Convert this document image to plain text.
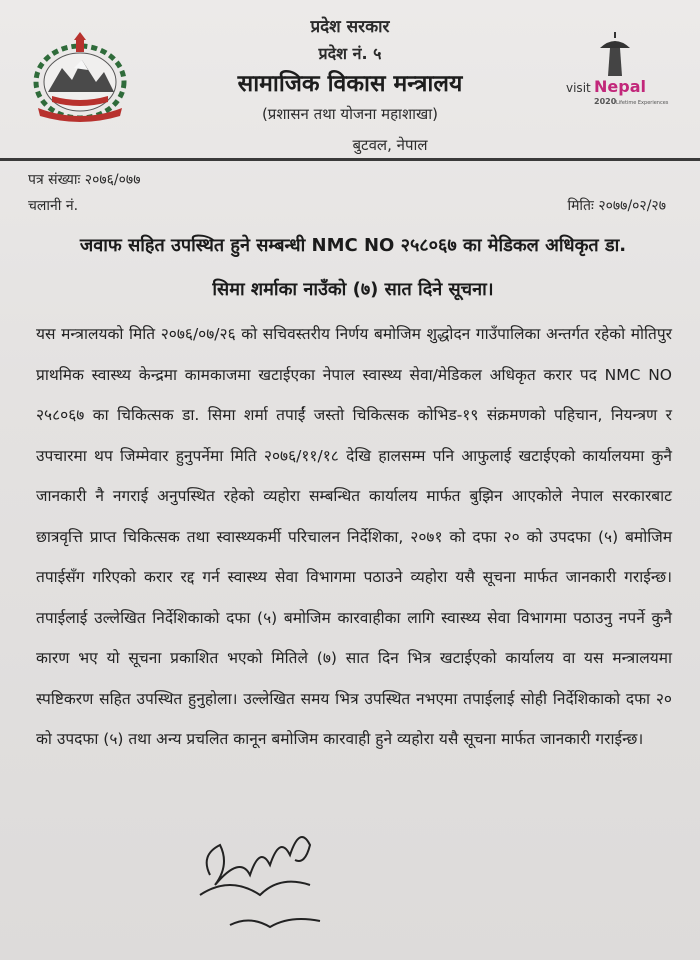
प्रदेश सरकार
प्रदेश नं. ५
सामाजिक विकास मन्त्रालय
(प्रशासन तथा योजना महाशाखा)
बुटवल, नेपाल
visit Nepal
2020 Lifetime Experiences
पत्र संख्याः २०७६/०७७
चलानी नं.	मितिः २०७७/०२/२७
जवाफ सहित उपस्थित हुने सम्बन्धी NMC NO २५८०६७ का मेडिकल अधिकृत डा.
सिमा शर्माका नाउँको (७) सात दिने सूचना।
यस मन्त्रालयको मिति २०७६/०७/२६ को सचिवस्तरीय निर्णय बमोजिम शुद्धोदन गाउँपालिका अन्तर्गत रहेको मोतिपुर प्राथमिक स्वास्थ्य केन्द्रमा कामकाजमा खटाईएका नेपाल स्वास्थ्य सेवा/मेडिकल अधिकृत करार पद NMC NO २५८०६७ का चिकित्सक डा. सिमा शर्मा तपाईं जस्तो चिकित्सक कोभिड-१९ संक्रमणको पहिचान, नियन्त्रण र उपचारमा थप जिम्मेवार हुनुपर्नेमा मिति २०७६/११/१८ देखि हालसम्म पनि आफुलाई खटाईएको कार्यालयमा कुनै जानकारी नै नगराई अनुपस्थित रहेको व्यहोरा सम्बन्धित कार्यालय मार्फत बुझिन आएकोले नेपाल सरकारबाट छात्रवृत्ति प्राप्त चिकित्सक तथा स्वास्थ्यकर्मी परिचालन निर्देशिका, २०७१ को दफा २० को उपदफा (५) बमोजिम तपाईसँग गरिएको करार रद्द गर्न स्वास्थ्य सेवा विभागमा पठाउने व्यहोरा यसै सूचना मार्फत जानकारी गराईन्छ। तपाईलाई उल्लेखित निर्देशिकाको दफा (५) बमोजिम कारवाहीका लागि स्वास्थ्य सेवा विभागमा पठाउनु नपर्ने कुनै कारण भए यो सूचना प्रकाशित भएको मितिले (७) सात दिन भित्र खटाईएको कार्यालय वा यस मन्त्रालयमा स्पष्टिकरण सहित उपस्थित हुनुहोला। उल्लेखित समय भित्र उपस्थित नभएमा तपाईलाई सोही निर्देशिकाको दफा २० को उपदफा (५) तथा अन्य प्रचलित कानून बमोजिम कारवाही हुने व्यहोरा यसै सूचना मार्फत जानकारी गराईन्छ।
